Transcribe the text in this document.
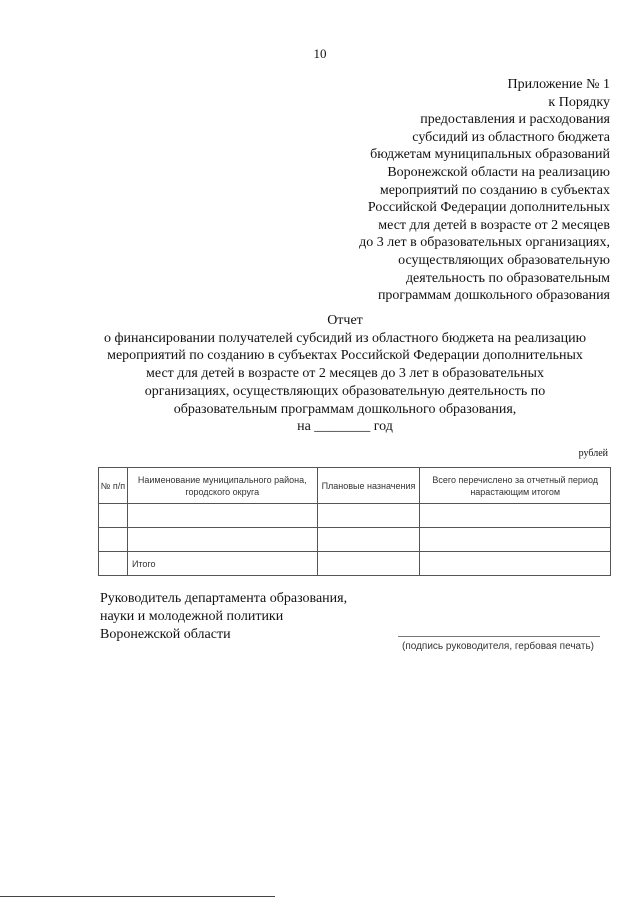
10
Приложение № 1
к Порядку
предоставления и расходования
субсидий из областного бюджета
бюджетам муниципальных образований
Воронежской области на реализацию
мероприятий по созданию в субъектах
Российской Федерации дополнительных
мест для детей в возрасте от 2 месяцев
до 3 лет в образовательных организациях,
осуществляющих образовательную
деятельность по образовательным
программам дошкольного образования
Отчет
о финансировании получателей субсидий из областного бюджета на реализацию
мероприятий по созданию в субъектах Российской Федерации дополнительных
мест для детей в возрасте от 2 месяцев до 3 лет в образовательных
организациях, осуществляющих образовательную деятельность по
образовательным программам дошкольного образования,
на ________ год
рублей
№ п/п	Наименование муниципального района, городского округа	Плановые назначения	Всего перечислено за отчетный период нарастающим итогом

	Итого		
Руководитель департамента образования,
науки и молодежной политики
Воронежской области
(подпись руководителя, гербовая печать)
